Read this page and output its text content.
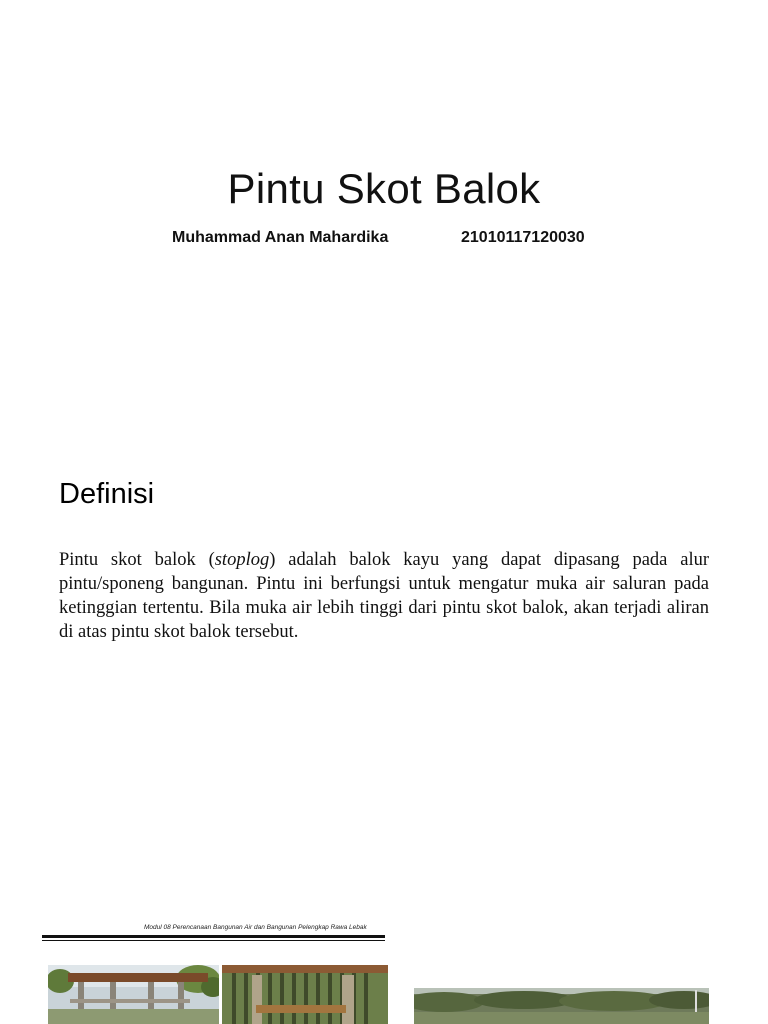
Pintu Skot Balok
Muhammad Anan Mahardika	21010117120030
Definisi
Pintu skot balok (stoplog) adalah balok kayu yang dapat dipasang pada alur pintu/sponeng bangunan. Pintu ini berfungsi untuk mengatur muka air saluran pada ketinggian tertentu. Bila muka air lebih tinggi dari pintu skot balok, akan terjadi aliran di atas pintu skot balok tersebut.
Modul 08 Perencanaan Bangunan Air dan Bangunan Pelengkap Rawa Lebak
